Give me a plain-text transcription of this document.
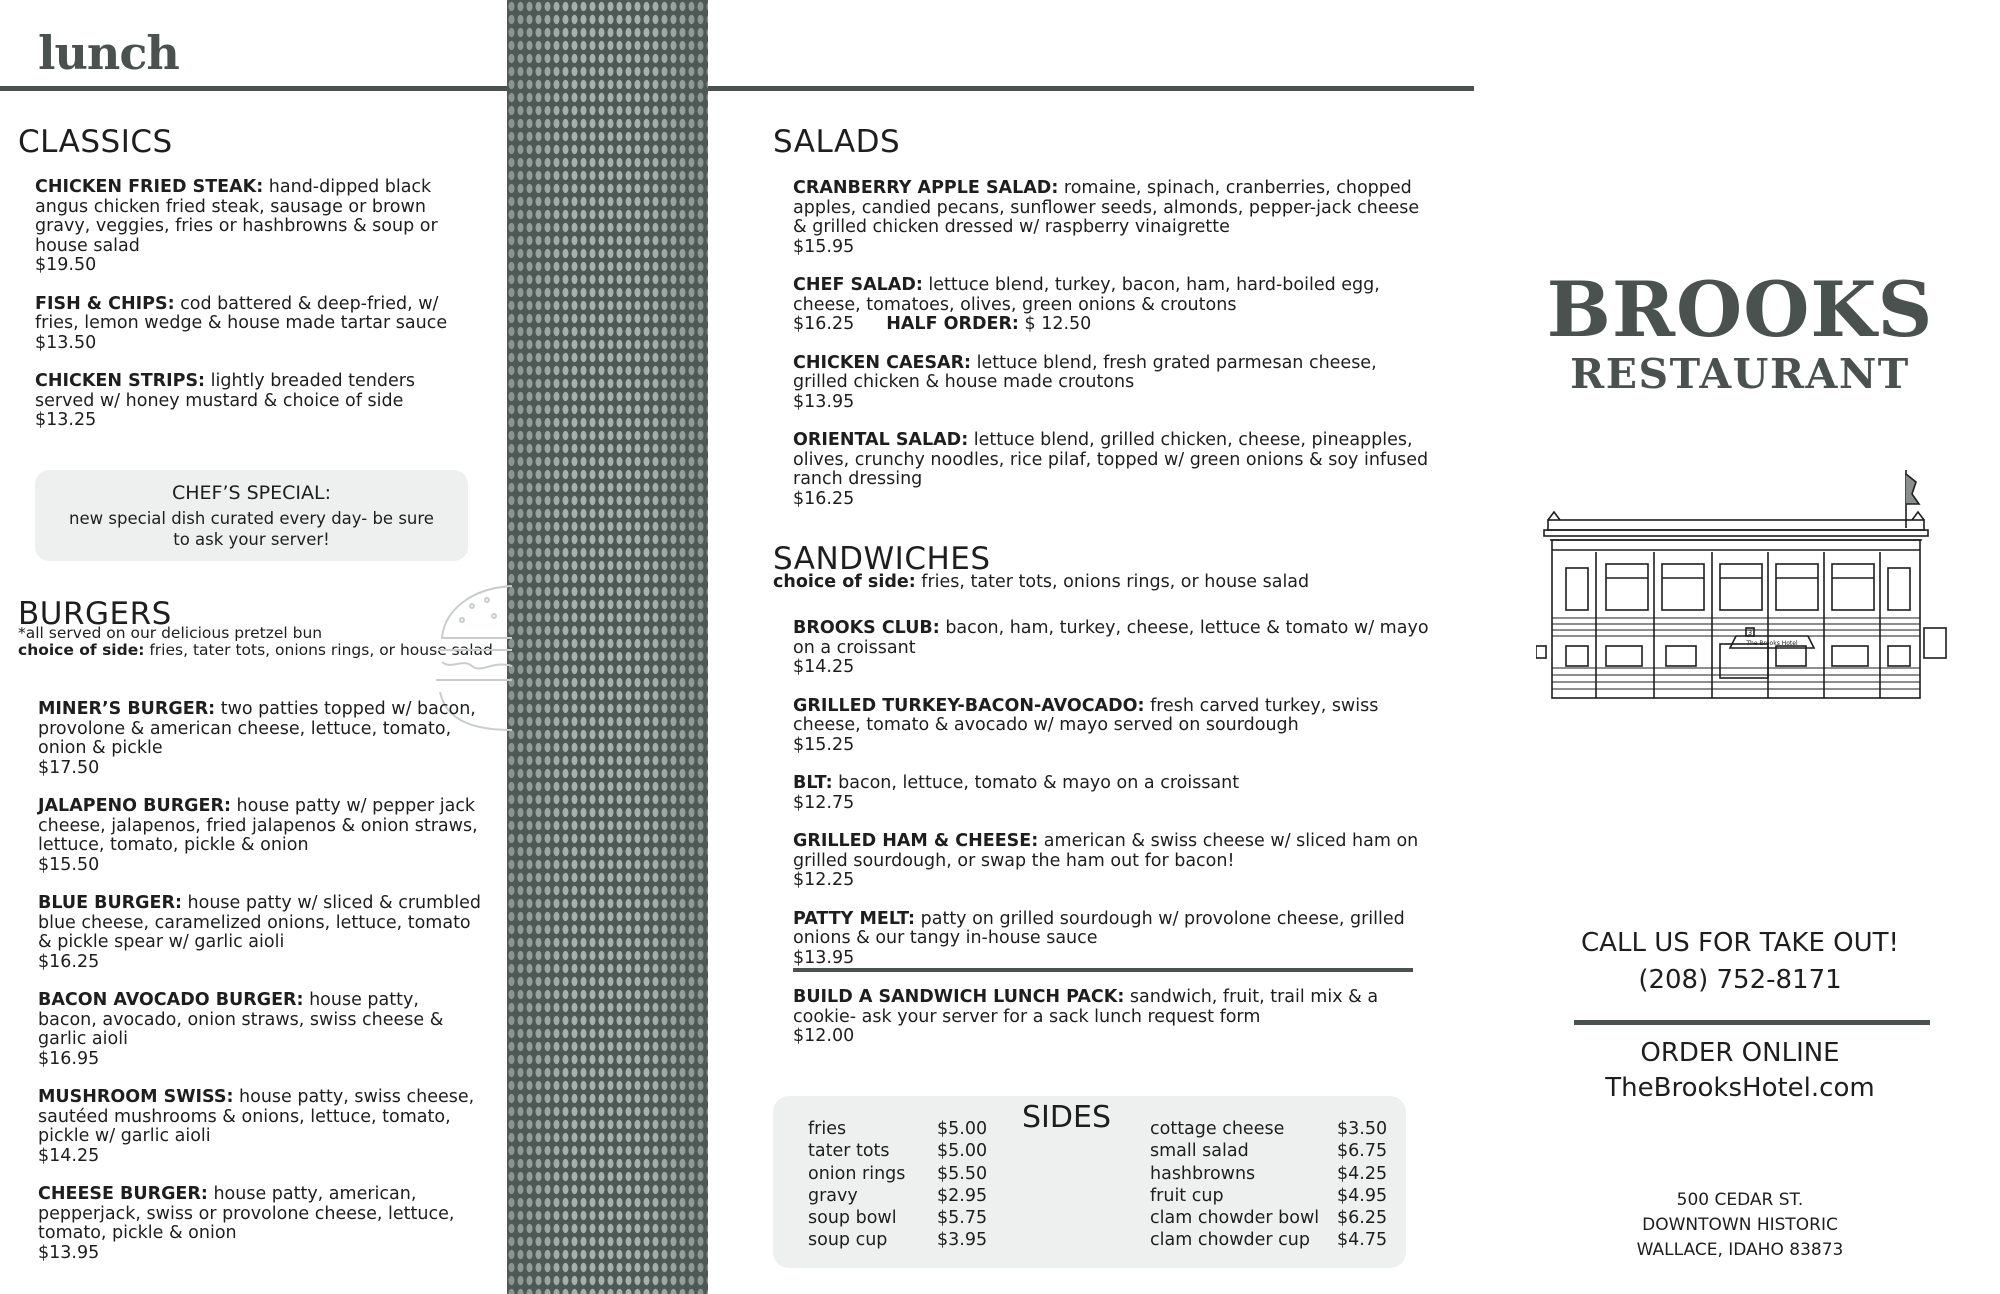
lunch
CLASSICS
CHICKEN FRIED STEAK: hand-dipped black angus chicken fried steak, sausage or brown gravy, veggies, fries or hashbrowns & soup or house salad
$19.50
FISH & CHIPS: cod battered & deep-fried, w/ fries, lemon wedge & house made tartar sauce
$13.50
CHICKEN STRIPS: lightly breaded tenders served w/ honey mustard & choice of side
$13.25
CHEF’S SPECIAL:
new special dish curated every day- be sure to ask your server!
BURGERS
*all served on our delicious pretzel bun
choice of side: fries, tater tots, onions rings, or house salad
MINER’S BURGER: two patties topped w/ bacon, provolone & american cheese, lettuce, tomato, onion & pickle
$17.50
JALAPENO BURGER: house patty w/ pepper jack cheese, jalapenos, fried jalapenos & onion straws, lettuce, tomato, pickle & onion
$15.50
BLUE BURGER: house patty w/ sliced & crumbled blue cheese, caramelized onions, lettuce, tomato & pickle spear w/ garlic aioli
$16.25
BACON AVOCADO BURGER: house patty, bacon, avocado, onion straws, swiss cheese & garlic aioli
$16.95
MUSHROOM SWISS: house patty, swiss cheese, sautéed mushrooms & onions, lettuce, tomato, pickle w/ garlic aioli
$14.25
CHEESE BURGER: house patty, american, pepperjack, swiss or provolone cheese, lettuce, tomato, pickle & onion
$13.95
SALADS
CRANBERRY APPLE SALAD: romaine, spinach, cranberries, chopped apples, candied pecans, sunflower seeds, almonds, pepper-jack cheese & grilled chicken dressed w/ raspberry vinaigrette
$15.95
CHEF SALAD: lettuce blend, turkey, bacon, ham, hard-boiled egg, cheese, tomatoes, olives, green onions & croutons
$16.25 HALF ORDER: $ 12.50
CHICKEN CAESAR: lettuce blend, fresh grated parmesan cheese, grilled chicken & house made croutons
$13.95
ORIENTAL SALAD: lettuce blend, grilled chicken, cheese, pineapples, olives, crunchy noodles, rice pilaf, topped w/ green onions & soy infused ranch dressing
$16.25
SANDWICHES
choice of side: fries, tater tots, onions rings, or house salad
BROOKS CLUB: bacon, ham, turkey, cheese, lettuce & tomato w/ mayo on a croissant
$14.25
GRILLED TURKEY-BACON-AVOCADO: fresh carved turkey, swiss cheese, tomato & avocado w/ mayo served on sourdough
$15.25
BLT: bacon, lettuce, tomato & mayo on a croissant
$12.75
GRILLED HAM & CHEESE: american & swiss cheese w/ sliced ham on grilled sourdough, or swap the ham out for bacon!
$12.25
PATTY MELT: patty on grilled sourdough w/ provolone cheese, grilled onions & our tangy in-house sauce
$13.95
BUILD A SANDWICH LUNCH PACK: sandwich, fruit, trail mix & a cookie- ask your server for a sack lunch request form
$12.00
SIDES
fries
tater tots
onion rings
gravy
soup bowl
soup cup
$5.00
$5.00
$5.50
$2.95
$5.75
$3.95
cottage cheese
small salad
hashbrowns
fruit cup
clam chowder bowl
clam chowder cup
$3.50
$6.75
$4.25
$4.95
$6.25
$4.75
BROOKS
RESTAURANT
The Brooks Hotel
3
CALL US FOR TAKE OUT!
(208) 752-8171
ORDER ONLINE
TheBrooksHotel.com
500 CEDAR ST.
DOWNTOWN HISTORIC
WALLACE, IDAHO 83873
